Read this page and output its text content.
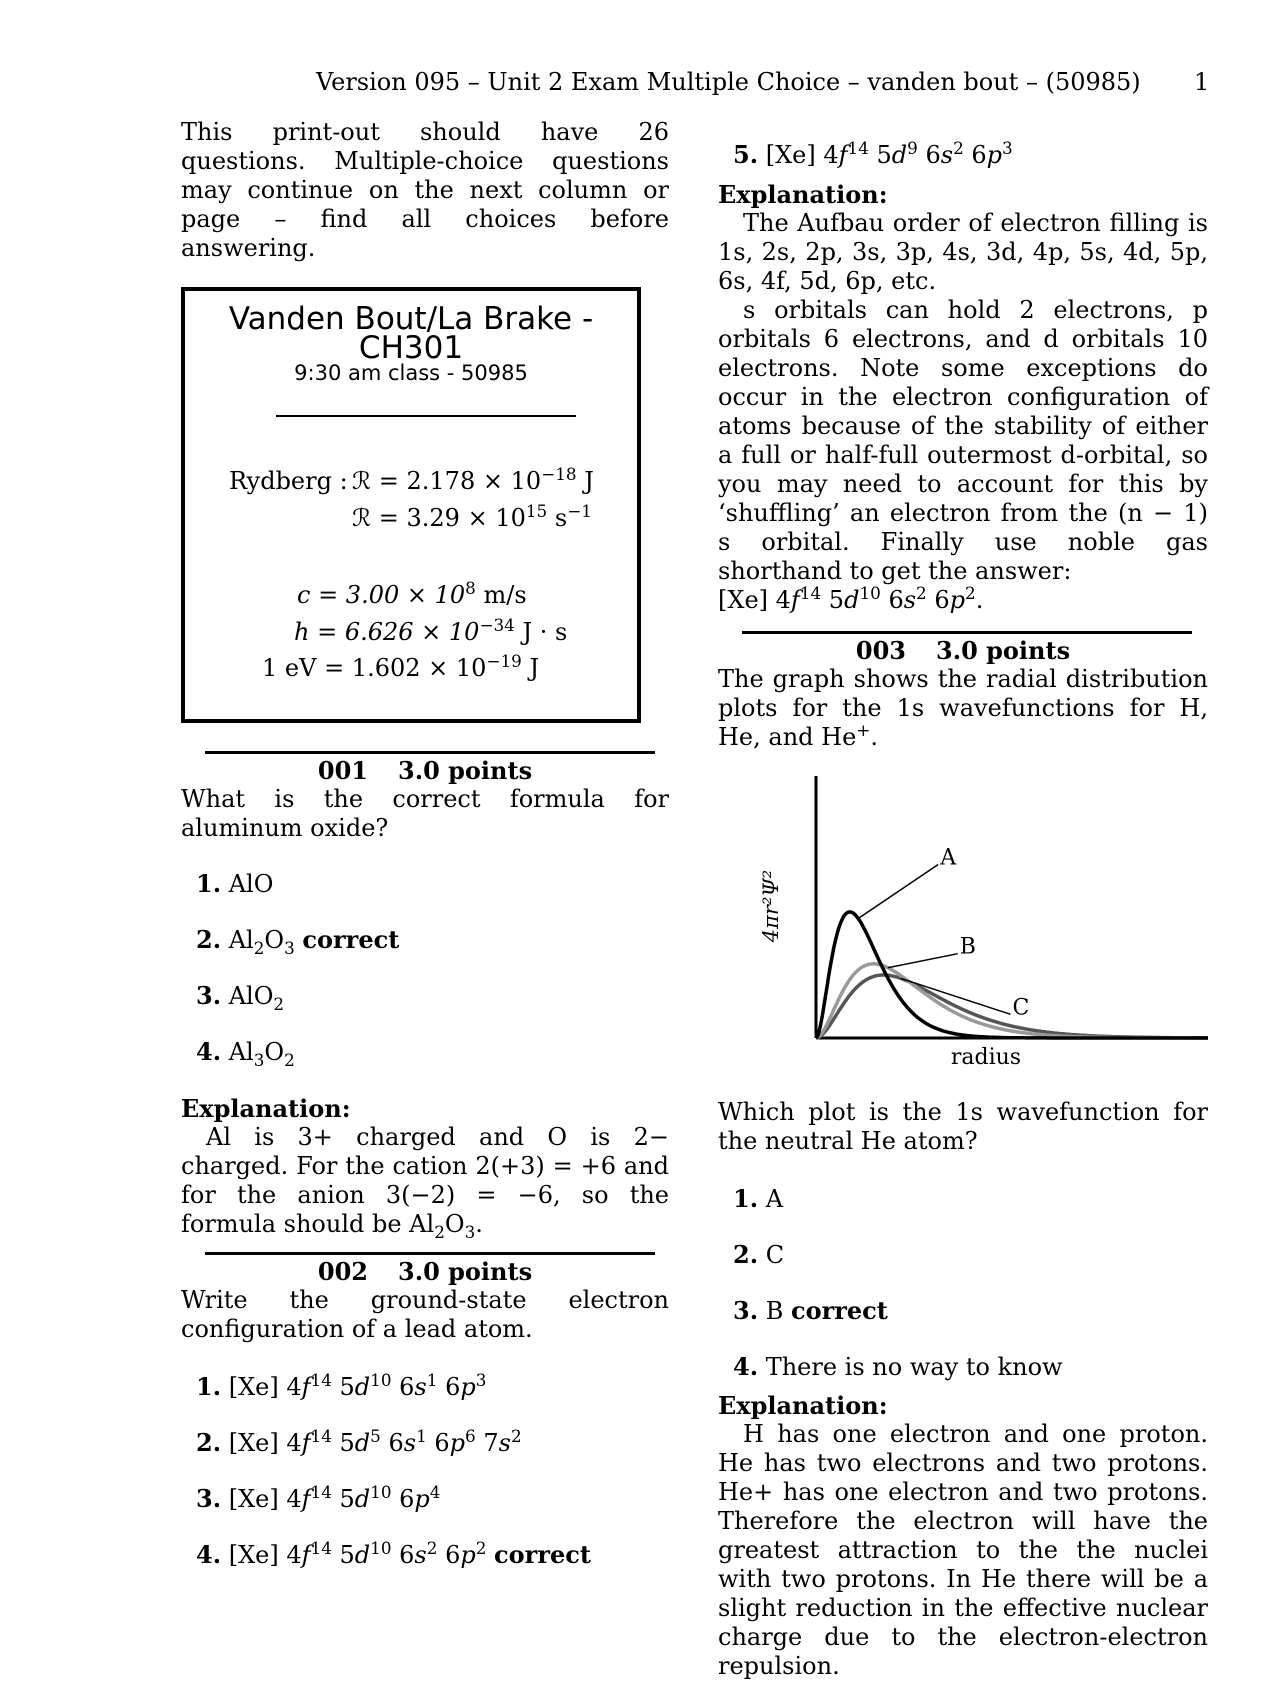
Version 095 – Unit 2 Exam Multiple Choice – vanden bout – (50985) 1
This print-out should have 26 questions. Multiple-choice questions may continue on the next column or page – find all choices before answering.
Vanden Bout/La Brake - CH301
9:30 am class - 50985
Rydberg : ℛ = $2.178 \times 10^{-18}$ J
ℛ = $3.29 \times 10^{15}$ $s^{-1}$
$c = 3.00 \times 10^8$ m/s
$h = 6.626 \times 10^{-34}$ J · s
1 eV = $1.602 \times 10^{-19}$ J
001 3.0 points
What is the correct formula for aluminum oxide?
1. AlO
2. $Al_2O_3$ correct
3. AlO$_2$
4. $Al_3O_2$
Explanation:
Al is 3+ charged and O is 2− charged. For the cation 2(+3) = +6 and for the anion 3(−2) = −6, so the formula should be $Al_2O_3$.
002 3.0 points
Write the ground-state electron configuration of a lead atom.
1. [Xe] $4f^{14}$ $5d^{10}$ $6s^1$ $6p^3$
2. [Xe] $4f^{14}$ $5d^5$ $6s^1$ $6p^6$ $7s^2$
3. [Xe] $4f^{14}$ $5d^{10}$ $6p^4$
4. [Xe] $4f^{14}$ $5d^{10}$ $6s^2$ $6p^2$ correct
5. [Xe] $4f^{14}$ $5d^9$ $6s^2$ $6p^3$
Explanation:
The Aufbau order of electron filling is 1s, 2s, 2p, 3s, 3p, 4s, 3d, 4p, 5s, 4d, 5p, 6s, 4f, 5d, 6p, etc.
s orbitals can hold 2 electrons, p orbitals 6 electrons, and d orbitals 10 electrons. Note some exceptions do occur in the electron configuration of atoms because of the stability of either a full or half-full outermost d-orbital, so you may need to account for this by ‘shuffling’ an electron from the (n − 1) s orbital. Finally use noble gas shorthand to get the answer:
[Xe] $4f^{14}$ $5d^{10}$ $6s^2$ $6p^2$.
003 3.0 points
The graph shows the radial distribution plots for the 1s wavefunctions for H, He, and He+.
4πr²Ψ²
radius
A
B
C
Which plot is the 1s wavefunction for the neutral He atom?
1. A
2. C
3. B correct
4. There is no way to know
Explanation:
H has one electron and one proton. He has two electrons and two protons. He+ has one electron and two protons. Therefore the electron will have the greatest attraction to the the nuclei with two protons. In He there will be a slight reduction in the effective nuclear charge due to the electron-electron repulsion.
